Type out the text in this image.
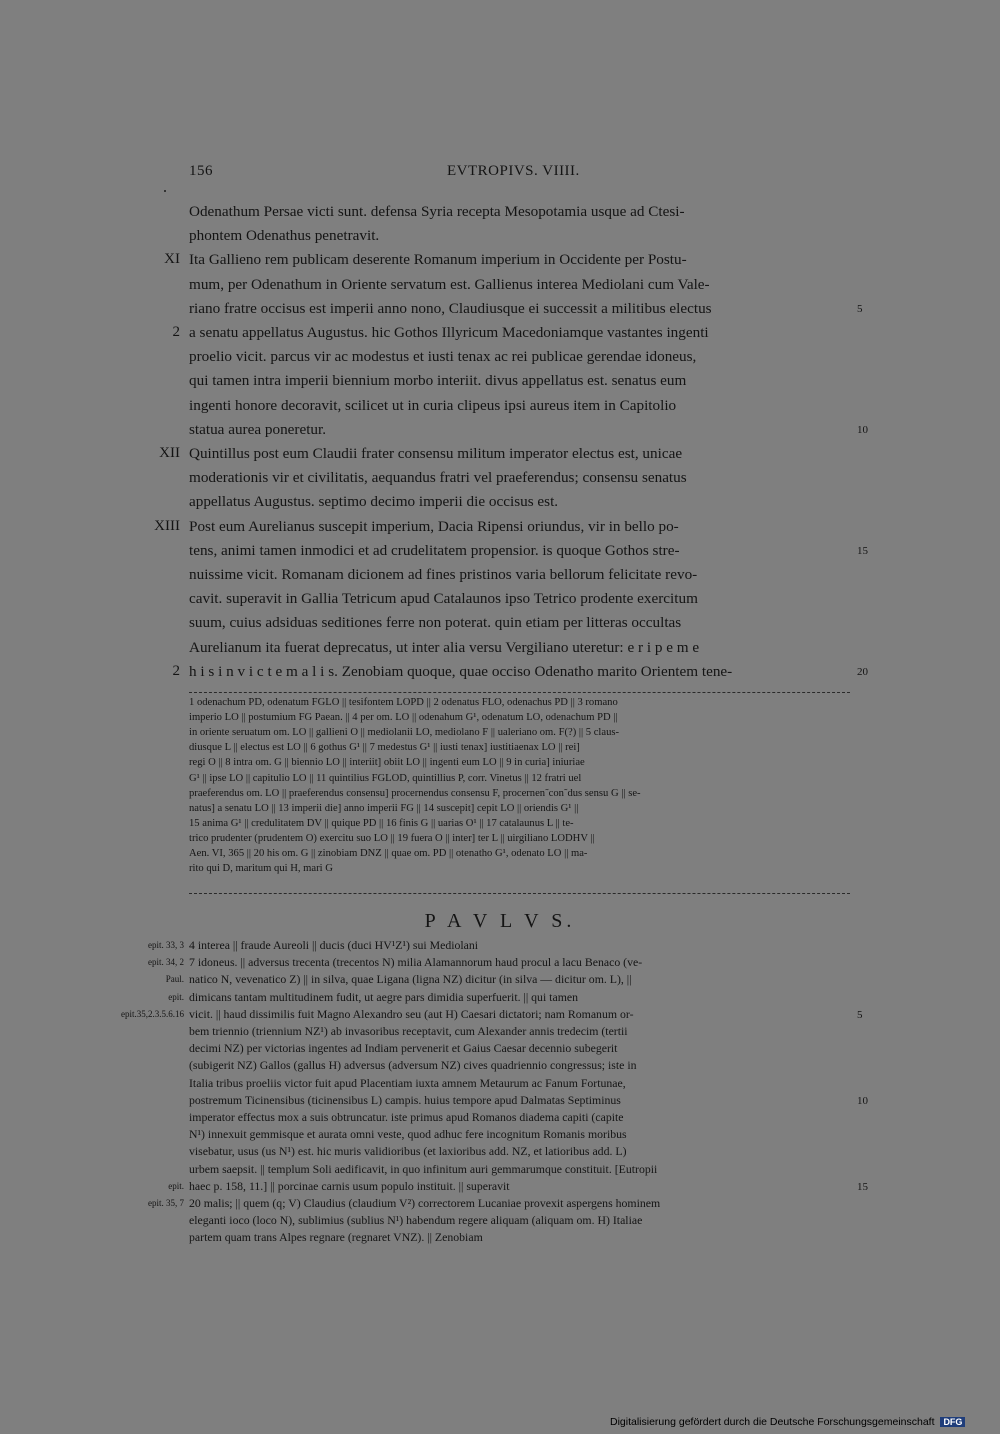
156	EVTROPIVS. VIIII.
Odenathum Persae victi sunt. defensa Syria recepta Mesopotamia usque ad Ctesi-
phontem Odenathus penetravit.
XI Ita Gallieno rem publicam deserente Romanum imperium in Occidente per Postu-
mum, per Odenathum in Oriente servatum est. Gallienus interea Mediolani cum Vale-
riano fratre occisus est imperii anno nono, Claudiusque ei successit a militibus electus	5
2 a senatu appellatus Augustus. hic Gothos Illyricum Macedoniamque vastantes ingenti
proelio vicit. parcus vir ac modestus et iusti tenax ac rei publicae gerendae idoneus,
qui tamen intra imperii biennium morbo interiit. divus appellatus est. senatus eum
ingenti honore decoravit, scilicet ut in curia clipeus ipsi aureus item in Capitolio
statua aurea poneretur.	10
XII Quintillus post eum Claudii frater consensu militum imperator electus est, unicae
moderationis vir et civilitatis, aequandus fratri vel praeferendus; consensu senatus
appellatus Augustus. septimo decimo imperii die occisus est.
XIII Post eum Aurelianus suscepit imperium, Dacia Ripensi oriundus, vir in bello po-
tens, animi tamen inmodici et ad crudelitatem propensior. is quoque Gothos stre-	15
nuissime vicit. Romanam dicionem ad fines pristinos varia bellorum felicitate revo-
cavit. superavit in Gallia Tetricum apud Catalaunos ipso Tetrico prodente exercitum
suum, cuius adsiduas seditiones ferre non poterat. quin etiam per litteras occultas
Aurelianum ita fuerat deprecatus, ut inter alia versu Vergiliano uteretur: e r i p e m e
2 h i s i n v i c t e m a l i s. Zenobiam quoque, quae occiso Odenatho marito Orientem tene-	20
1 odenachum PD, odenatum FGLO || tesifontem LOPD || 2 odenatus FLO, odenachus PD || 3 romano
imperio LO || postumium FG Paean. || 4 per om. LO || odenahum G¹, odenatum LO, odenachum PD ||
in oriente seruatum om. LO || gallieni O || mediolanii LO, mediolano F || ualeriano om. F(?) || 5 claus-
diusque L || electus est LO || 6 gothus G¹ || 7 medestus G¹ || iusti tenax] iustitiaenax LO || rei]
regi O || 8 intra om. G || biennio LO || interiit] obiit LO || ingenti eum LO || 9 in curia] iniuriae
G¹ || ipse LO || capitulio LO || 11 quintilius FGLOD, quintillius P, corr. Vinetus || 12 fratri uel
praeferendus om. LO || praeferendus consensu] procernendus consensu F, procernen˜con˜dus sensu G || se-
natus] a senatu LO || 13 imperii die] anno imperii FG || 14 suscepit] cepit LO || oriendis G¹ ||
15 anima G¹ || credulitatem DV || quique PD || 16 finis G || uarias O¹ || 17 catalaunus L || te-
trico prudenter (prudentem O) exercitu suo LO || 19 fuera O || inter] ter L || uirgiliano LODHV ||
Aen. VI, 365 || 20 his om. G || zinobiam DNZ || quae om. PD || otenatho G¹, odenato LO || ma-
rito qui D, maritum qui H, mari G
P A V L V S.
epit. 33, 3 4 interea || fraude Aureoli || ducis (duci HV¹Z¹) sui Mediolani
epit. 34, 2 7 idoneus. || adversus trecenta (trecentos N) milia Alamannorum haud procul a lacu Benaco (ve-
Paul. natico N, vevenatico Z) || in silva, quae Ligana (ligna NZ) dicitur (in silva — dicitur om. L), ||
epit. dimicans tantam multitudinem fudit, ut aegre pars dimidia superfuerit. || qui tamen
epit.35,2.3.5.6.16 vicit. || haud dissimilis fuit Magno Alexandro seu (aut H) Caesari dictatori; nam Romanum or-	5
bem triennio (triennium NZ¹) ab invasoribus receptavit, cum Alexander annis tredecim (tertii
decimi NZ) per victorias ingentes ad Indiam pervenerit et Gaius Caesar decennio subegerit
(subigerit NZ) Gallos (gallus H) adversus (adversum NZ) cives quadriennio congressus; iste in
Italia tribus proeliis victor fuit apud Placentiam iuxta amnem Metaurum ac Fanum Fortunae,
postremum Ticinensibus (ticinensibus L) campis. huius tempore apud Dalmatas Septiminus	10
imperator effectus mox a suis obtruncatur. iste primus apud Romanos diadema capiti (capite
N¹) innexuit gemmisque et aurata omni veste, quod adhuc fere incognitum Romanis moribus
visebatur, usus (us N¹) est. hic muris validioribus (et laxioribus add. NZ, et latioribus add. L)
urbem saepsit. || templum Soli aedificavit, in quo infinitum auri gemmarumque constituit. [Eutropii
epit. haec p. 158, 11.] || porcinae carnis usum populo instituit. || superavit	15
epit. 35, 7 20 malis; || quem (q; V) Claudius (claudium V²) correctorem Lucaniae provexit aspergens hominem
eleganti ioco (loco N), sublimius (sublius N¹) habendum regere aliquam (aliquam om. H) Italiae
partem quam trans Alpes regnare (regnaret VNZ). || Zenobiam
Digitalisierung gefördert durch die Deutsche Forschungsgemeinschaft DFG
